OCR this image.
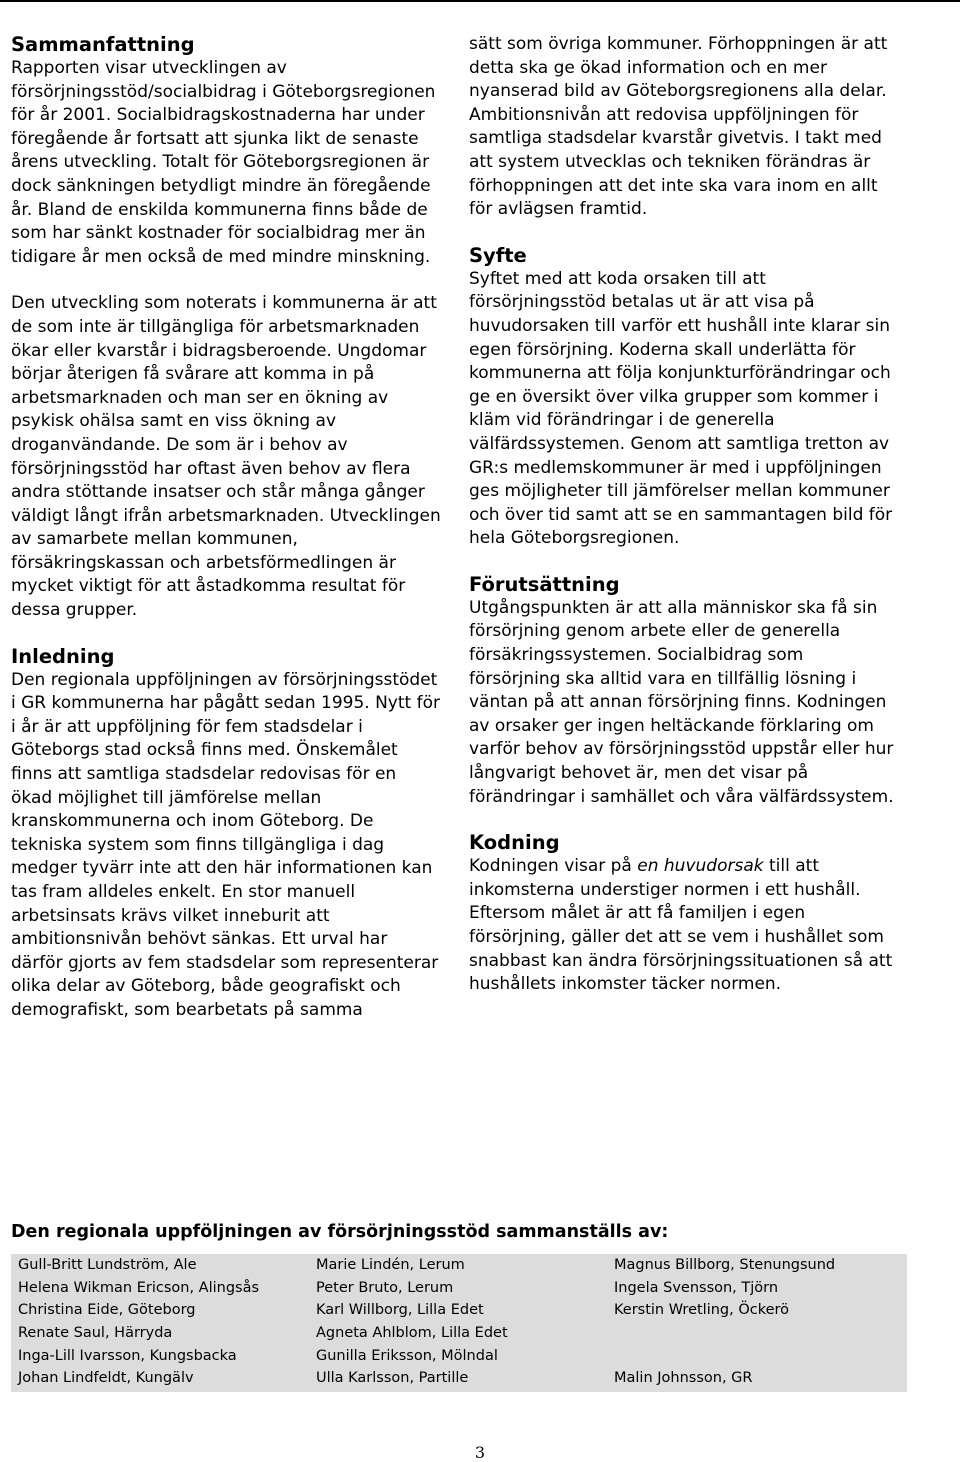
Sammanfattning

Rapporten visar utvecklingen av försörjningsstöd/socialbidrag i Göteborgsregionen för år 2001. Socialbidragskostnaderna har under föregående år fortsatt att sjunka likt de senaste årens utveckling. Totalt för Göteborgsregionen är dock sänkningen betydligt mindre än föregående år. Bland de enskilda kommunerna finns både de som har sänkt kostnader för socialbidrag mer än tidigare år men också de med mindre minskning.

Den utveckling som noterats i kommunerna är att de som inte är tillgängliga för arbetsmarknaden ökar eller kvarstår i bidragsberoende. Ungdomar börjar återigen få svårare att komma in på arbetsmarknaden och man ser en ökning av psykisk ohälsa samt en viss ökning av droganvändande. De som är i behov av försörjningsstöd har oftast även behov av flera andra stöttande insatser och står många gånger väldigt långt ifrån arbetsmarknaden. Utvecklingen av samarbete mellan kommunen, försäkringskassan och arbetsförmedlingen är mycket viktigt för att åstadkomma resultat för dessa grupper.

Inledning

Den regionala uppföljningen av försörjningsstödet i GR kommunerna har pågått sedan 1995. Nytt för i år är att uppföljning för fem stadsdelar i Göteborgs stad också finns med. Önskemålet finns att samtliga stadsdelar redovisas för en ökad möjlighet till jämförelse mellan kranskommunerna och inom Göteborg. De tekniska system som finns tillgängliga i dag medger tyvärr inte att den här informationen kan tas fram alldeles enkelt. En stor manuell arbetsinsats krävs vilket inneburit att ambitionsnivån behövt sänkas. Ett urval har därför gjorts av fem stadsdelar som representerar olika delar av Göteborg, både geografiskt och demografiskt, som bearbetats på samma

sätt som övriga kommuner. Förhoppningen är att detta ska ge ökad information och en mer nyanserad bild av Göteborgsregionens alla delar. Ambitionsnivån att redovisa uppföljningen för samtliga stadsdelar kvarstår givetvis. I takt med att system utvecklas och tekniken förändras är förhoppningen att det inte ska vara inom en allt för avlägsen framtid.

Syfte

Syftet med att koda orsaken till att försörjningsstöd betalas ut är att visa på huvudorsaken till varför ett hushåll inte klarar sin egen försörjning. Koderna skall underlätta för kommunerna att följa konjunkturförändringar och ge en översikt över vilka grupper som kommer i kläm vid förändringar i de generella välfärdssystemen. Genom att samtliga tretton av GR:s medlemskommuner är med i uppföljningen ges möjligheter till jämförelser mellan kommuner och över tid samt att se en sammantagen bild för hela Göteborgsregionen.

Förutsättning

Utgångspunkten är att alla människor ska få sin försörjning genom arbete eller de generella försäkringssystemen. Socialbidrag som försörjning ska alltid vara en tillfällig lösning i väntan på att annan försörjning finns. Kodningen av orsaker ger ingen heltäckande förklaring om varför behov av försörjningsstöd uppstår eller hur långvarigt behovet är, men det visar på förändringar i samhället och våra välfärdssystem.

Kodning

Kodningen visar på en huvudorsak till att inkomsterna understiger normen i ett hushåll. Eftersom målet är att få familjen i egen försörjning, gäller det att se vem i hushållet som snabbast kan ändra försörjningssituationen så att hushållets inkomster täcker normen.

Den regionala uppföljningen av försörjningsstöd sammanställs av:
Gull-Britt Lundström, Ale
Helena Wikman Ericson, Alingsås
Christina Eide, Göteborg
Renate Saul, Härryda
Inga-Lill Ivarsson, Kungsbacka
Johan Lindfeldt, Kungälv
Marie Lindén, Lerum
Peter Bruto, Lerum
Karl Willborg, Lilla Edet
Agneta Ahlblom, Lilla Edet
Gunilla Eriksson, Mölndal
Ulla Karlsson, Partille
Magnus Billborg, Stenungsund
Ingela Svensson, Tjörn
Kerstin Wretling, Öckerö
Malin Johnsson, GR
3
